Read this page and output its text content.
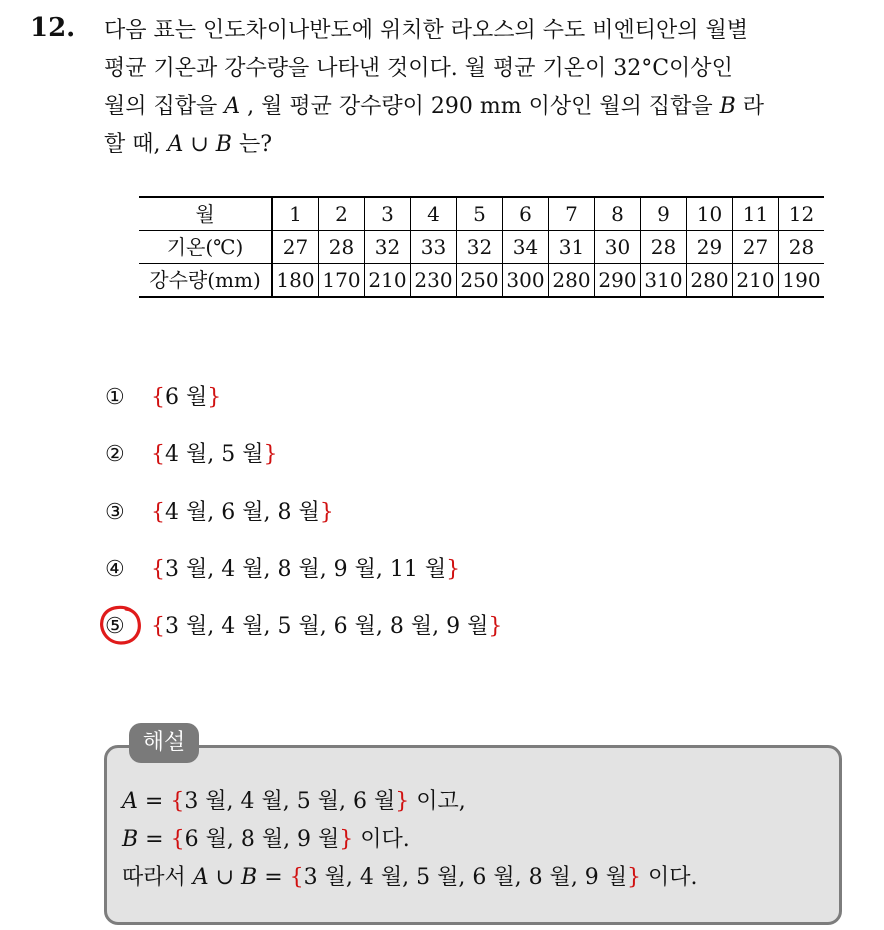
12. 다음 표는 인도차이나반도에 위치한 라오스의 수도 비엔티안의 월별
평균 기온과 강수량을 나타낸 것이다. 월 평균 기온이 32°C이상인
월의 집합을 A , 월 평균 강수량이 290 mm 이상인 월의 집합을 B 라
할 때, A ∪ B 는?
월	1	2	3	4	5	6	7	8	9	10	11	12
기온(℃)	27	28	32	33	32	34	31	30	28	29	27	28
강수량(mm)	180	170	210	230	250	300	280	290	310	280	210	190
① {6 월}
② {4 월, 5 월}
③ {4 월, 6 월, 8 월}
④ {3 월, 4 월, 8 월, 9 월, 11 월}
⑤ {3 월, 4 월, 5 월, 6 월, 8 월, 9 월}
해설
A = {3 월, 4 월, 5 월, 6 월} 이고,
B = {6 월, 8 월, 9 월} 이다.
따라서 A ∪ B = {3 월, 4 월, 5 월, 6 월, 8 월, 9 월} 이다.
